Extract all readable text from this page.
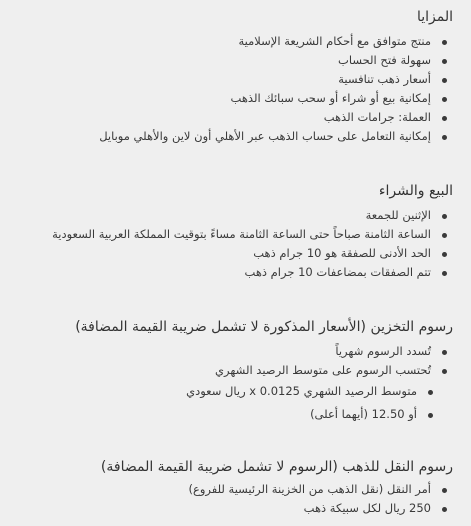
المزايا
منتج متوافق مع أحكام الشريعة الإسلامية
سهولة فتح الحساب
أسعار ذهب تنافسية
إمكانية بيع أو شراء أو سحب سبائك الذهب
العملة: جرامات الذهب
إمكانية التعامل على حساب الذهب عبر الأهلي أون لاين والأهلي موبايل
البيع والشراء
الإثنين للجمعة
الساعة الثامنة صباحاً حتى الساعة الثامنة مساءً بتوقيت المملكة العربية السعودية
الحد الأدنى للصفقة هو 10 جرام ذهب
تتم الصفقات بمضاعفات 10 جرام ذهب
رسوم التخزين (الأسعار المذكورة لا تشمل ضريبة القيمة المضافة)
تُسدد الرسوم شهرياً
تُحتسب الرسوم على متوسط الرصيد الشهري
متوسط الرصيد الشهري x 0.0125 ريال سعودي
أو 12.50 (أيهما أعلى)
رسوم النقل للذهب (الرسوم لا تشمل ضريبة القيمة المضافة)
أمر النقل (نقل الذهب من الخزينة الرئيسية للفروع)
250 ريال لكل سبيكة ذهب
